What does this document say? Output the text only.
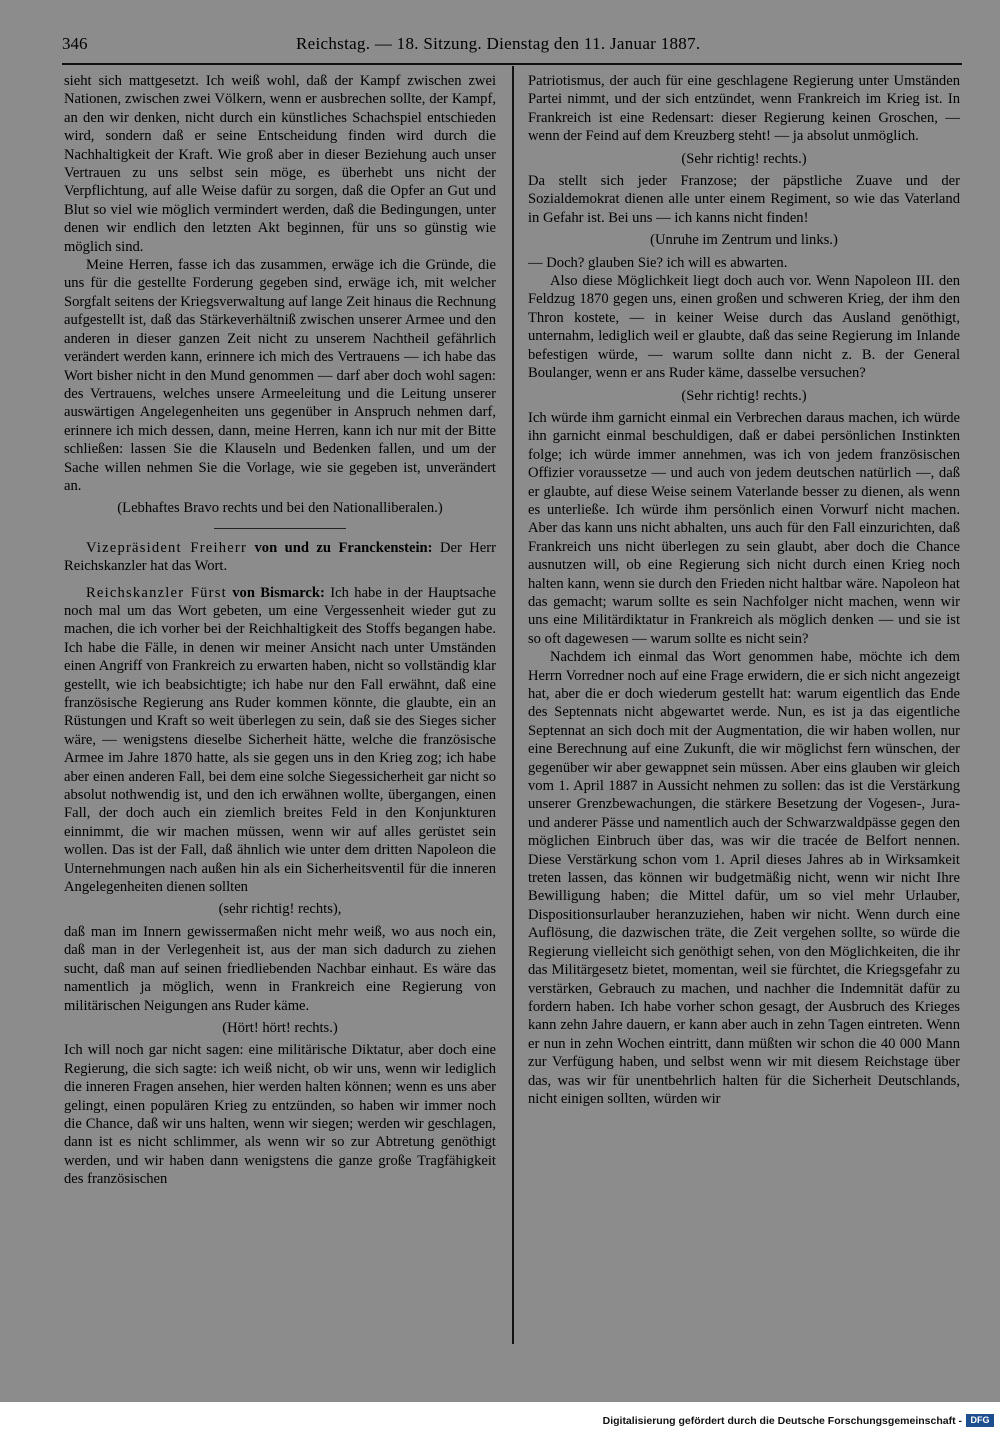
346	Reichstag. — 18. Sitzung. Dienstag den 11. Januar 1887.

sieht sich mattgesetzt. Ich weiß wohl, daß der Kampf zwischen zwei Nationen, zwischen zwei Völkern, wenn er ausbrechen sollte, der Kampf, an den wir denken, nicht durch ein künstliches Schachspiel entschieden wird, sondern daß er seine Entscheidung finden wird durch die Nachhaltigkeit der Kraft. Wie groß aber in dieser Beziehung auch unser Vertrauen zu uns selbst sein möge, es überhebt uns nicht der Verpflichtung, auf alle Weise dafür zu sorgen, daß die Opfer an Gut und Blut so viel wie möglich vermindert werden, daß die Bedingungen, unter denen wir endlich den letzten Akt beginnen, für uns so günstig wie möglich sind.

Meine Herren, fasse ich das zusammen, erwäge ich die Gründe, die uns für die gestellte Forderung gegeben sind, erwäge ich, mit welcher Sorgfalt seitens der Kriegsverwaltung auf lange Zeit hinaus die Rechnung aufgestellt ist, daß das Stärkeverhältniß zwischen unserer Armee und den anderen in dieser ganzen Zeit nicht zu unserem Nachtheil gefährlich verändert werden kann, erinnere ich mich des Vertrauens — ich habe das Wort bisher nicht in den Mund genommen — darf aber doch wohl sagen: des Vertrauens, welches unsere Armeeleitung und die Leitung unserer auswärtigen Angelegenheiten uns gegenüber in Anspruch nehmen darf, erinnere ich mich dessen, dann, meine Herren, kann ich nur mit der Bitte schließen: lassen Sie die Klauseln und Bedenken fallen, und um der Sache willen nehmen Sie die Vorlage, wie sie gegeben ist, unverändert an.

(Lebhaftes Bravo rechts und bei den Nationalliberalen.)

Vizepräsident Freiherr von und zu Franckenstein: Der Herr Reichskanzler hat das Wort.

Reichskanzler Fürst von Bismarck: Ich habe in der Hauptsache noch mal um das Wort gebeten, um eine Vergessenheit wieder gut zu machen, die ich vorher bei der Reichhaltigkeit des Stoffs begangen habe. Ich habe die Fälle, in denen wir meiner Ansicht nach unter Umständen einen Angriff von Frankreich zu erwarten haben, nicht so vollständig klar gestellt, wie ich beabsichtigte; ich habe nur den Fall erwähnt, daß eine französische Regierung ans Ruder kommen könnte, die glaubte, ein an Rüstungen und Kraft so weit überlegen zu sein, daß sie des Sieges sicher wäre, — wenigstens dieselbe Sicherheit hätte, welche die französische Armee im Jahre 1870 hatte, als sie gegen uns in den Krieg zog; ich habe aber einen anderen Fall, bei dem eine solche Siegessicherheit gar nicht so absolut nothwendig ist, und den ich erwähnen wollte, übergangen, einen Fall, der doch auch ein ziemlich breites Feld in den Konjunkturen einnimmt, die wir machen müssen, wenn wir auf alles gerüstet sein wollen. Das ist der Fall, daß ähnlich wie unter dem dritten Napoleon die Unternehmungen nach außen hin als ein Sicherheitsventil für die inneren Angelegenheiten dienen sollten

(sehr richtig! rechts),

daß man im Innern gewissermaßen nicht mehr weiß, wo aus noch ein, daß man in der Verlegenheit ist, aus der man sich dadurch zu ziehen sucht, daß man auf seinen friedliebenden Nachbar einhaut. Es wäre das namentlich ja möglich, wenn in Frankreich eine Regierung von militärischen Neigungen ans Ruder käme.

(Hört! hört! rechts.)

Ich will noch gar nicht sagen: eine militärische Diktatur, aber doch eine Regierung, die sich sagte: ich weiß nicht, ob wir uns, wenn wir lediglich die inneren Fragen ansehen, hier werden halten können; wenn es uns aber gelingt, einen populären Krieg zu entzünden, so haben wir immer noch die Chance, daß wir uns halten, wenn wir siegen; werden wir geschlagen, dann ist es nicht schlimmer, als wenn wir so zur Abtretung genöthigt werden, und wir haben dann wenigstens die ganze große Tragfähigkeit des französischen

Patriotismus, der auch für eine geschlagene Regierung unter Umständen Partei nimmt, und der sich entzündet, wenn Frankreich im Krieg ist. In Frankreich ist eine Redensart: dieser Regierung keinen Groschen, — wenn der Feind auf dem Kreuzberg steht! — ja absolut unmöglich.

(Sehr richtig! rechts.)

Da stellt sich jeder Franzose; der päpstliche Zuave und der Sozialdemokrat dienen alle unter einem Regiment, so wie das Vaterland in Gefahr ist. Bei uns — ich kanns nicht finden!

(Unruhe im Zentrum und links.)

— Doch? glauben Sie? ich will es abwarten.

Also diese Möglichkeit liegt doch auch vor. Wenn Napoleon III. den Feldzug 1870 gegen uns, einen großen und schweren Krieg, der ihm den Thron kostete, — in keiner Weise durch das Ausland genöthigt, unternahm, lediglich weil er glaubte, daß das seine Regierung im Inlande befestigen würde, — warum sollte dann nicht z. B. der General Boulanger, wenn er ans Ruder käme, dasselbe versuchen?

(Sehr richtig! rechts.)

Ich würde ihm garnicht einmal ein Verbrechen daraus machen, ich würde ihn garnicht einmal beschuldigen, daß er dabei persönlichen Instinkten folge; ich würde immer annehmen, was ich von jedem französischen Offizier voraussetze — und auch von jedem deutschen natürlich —, daß er glaubte, auf diese Weise seinem Vaterlande besser zu dienen, als wenn es unterließe. Ich würde ihm persönlich einen Vorwurf nicht machen. Aber das kann uns nicht abhalten, uns auch für den Fall einzurichten, daß Frankreich uns nicht überlegen zu sein glaubt, aber doch die Chance ausnutzen will, ob eine Regierung sich nicht durch einen Krieg noch halten kann, wenn sie durch den Frieden nicht haltbar wäre. Napoleon hat das gemacht; warum sollte es sein Nachfolger nicht machen, wenn wir uns eine Militärdiktatur in Frankreich als möglich denken — und sie ist so oft dagewesen — warum sollte es nicht sein?

Nachdem ich einmal das Wort genommen habe, möchte ich dem Herrn Vorredner noch auf eine Frage erwidern, die er sich nicht angezeigt hat, aber die er doch wiederum gestellt hat: warum eigentlich das Ende des Septennats nicht abgewartet werde. Nun, es ist ja das eigentliche Septennat an sich doch mit der Augmentation, die wir haben wollen, nur eine Berechnung auf eine Zukunft, die wir möglichst fern wünschen, der gegenüber wir aber gewappnet sein müssen. Aber eins glauben wir gleich vom 1. April 1887 in Aussicht nehmen zu sollen: das ist die Verstärkung unserer Grenzbewachungen, die stärkere Besetzung der Vogesen-, Jura- und anderer Pässe und namentlich auch der Schwarzwaldpässe gegen den möglichen Einbruch über das, was wir die tracée de Belfort nennen. Diese Verstärkung schon vom 1. April dieses Jahres ab in Wirksamkeit treten lassen, das können wir budgetmäßig nicht, wenn wir nicht Ihre Bewilligung haben; die Mittel dafür, um so viel mehr Urlauber, Dispositionsurlauber heranzuziehen, haben wir nicht. Wenn durch eine Auflösung, die dazwischen träte, die Zeit vergehen sollte, so würde die Regierung vielleicht sich genöthigt sehen, von den Möglichkeiten, die ihr das Militärgesetz bietet, momentan, weil sie fürchtet, die Kriegsgefahr zu verstärken, Gebrauch zu machen, und nachher die Indemnität dafür zu fordern haben. Ich habe vorher schon gesagt, der Ausbruch des Krieges kann zehn Jahre dauern, er kann aber auch in zehn Tagen eintreten. Wenn er nun in zehn Wochen eintritt, dann müßten wir schon die 40 000 Mann zur Verfügung haben, und selbst wenn wir mit diesem Reichstage über das, was wir für unentbehrlich halten für die Sicherheit Deutschlands, nicht einigen sollten, würden wir

Digitalisierung gefördert durch die Deutsche Forschungsgemeinschaft - DFG
